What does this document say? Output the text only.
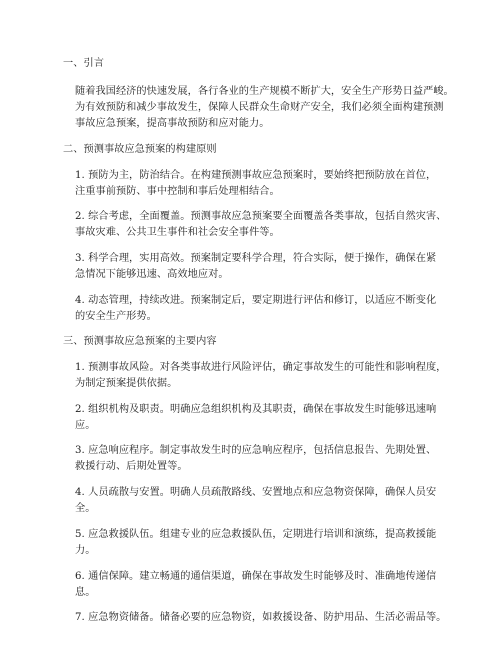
一、引言
随着我国经济的快速发展，各行各业的生产规模不断扩大，安全生产形势日益严峻。
为有效预防和减少事故发生，保障人民群众生命财产安全，我们必须全面构建预测
事故应急预案，提高事故预防和应对能力。
二、预测事故应急预案的构建原则
1. 预防为主，防治结合。在构建预测事故应急预案时，要始终把预防放在首位，
注重事前预防、事中控制和事后处理相结合。
2. 综合考虑，全面覆盖。预测事故应急预案要全面覆盖各类事故，包括自然灾害、
事故灾难、公共卫生事件和社会安全事件等。
3. 科学合理，实用高效。预案制定要科学合理，符合实际，便于操作，确保在紧
急情况下能够迅速、高效地应对。
4. 动态管理，持续改进。预案制定后，要定期进行评估和修订，以适应不断变化
的安全生产形势。
三、预测事故应急预案的主要内容
1. 预测事故风险。对各类事故进行风险评估，确定事故发生的可能性和影响程度，
为制定预案提供依据。
2. 组织机构及职责。明确应急组织机构及其职责，确保在事故发生时能够迅速响
应。
3. 应急响应程序。制定事故发生时的应急响应程序，包括信息报告、先期处置、
救援行动、后期处置等。
4. 人员疏散与安置。明确人员疏散路线、安置地点和应急物资保障，确保人员安
全。
5. 应急救援队伍。组建专业的应急救援队伍，定期进行培训和演练，提高救援能
力。
6. 通信保障。建立畅通的通信渠道，确保在事故发生时能够及时、准确地传递信
息。
7. 应急物资储备。储备必要的应急物资，如救援设备、防护用品、生活必需品等。
